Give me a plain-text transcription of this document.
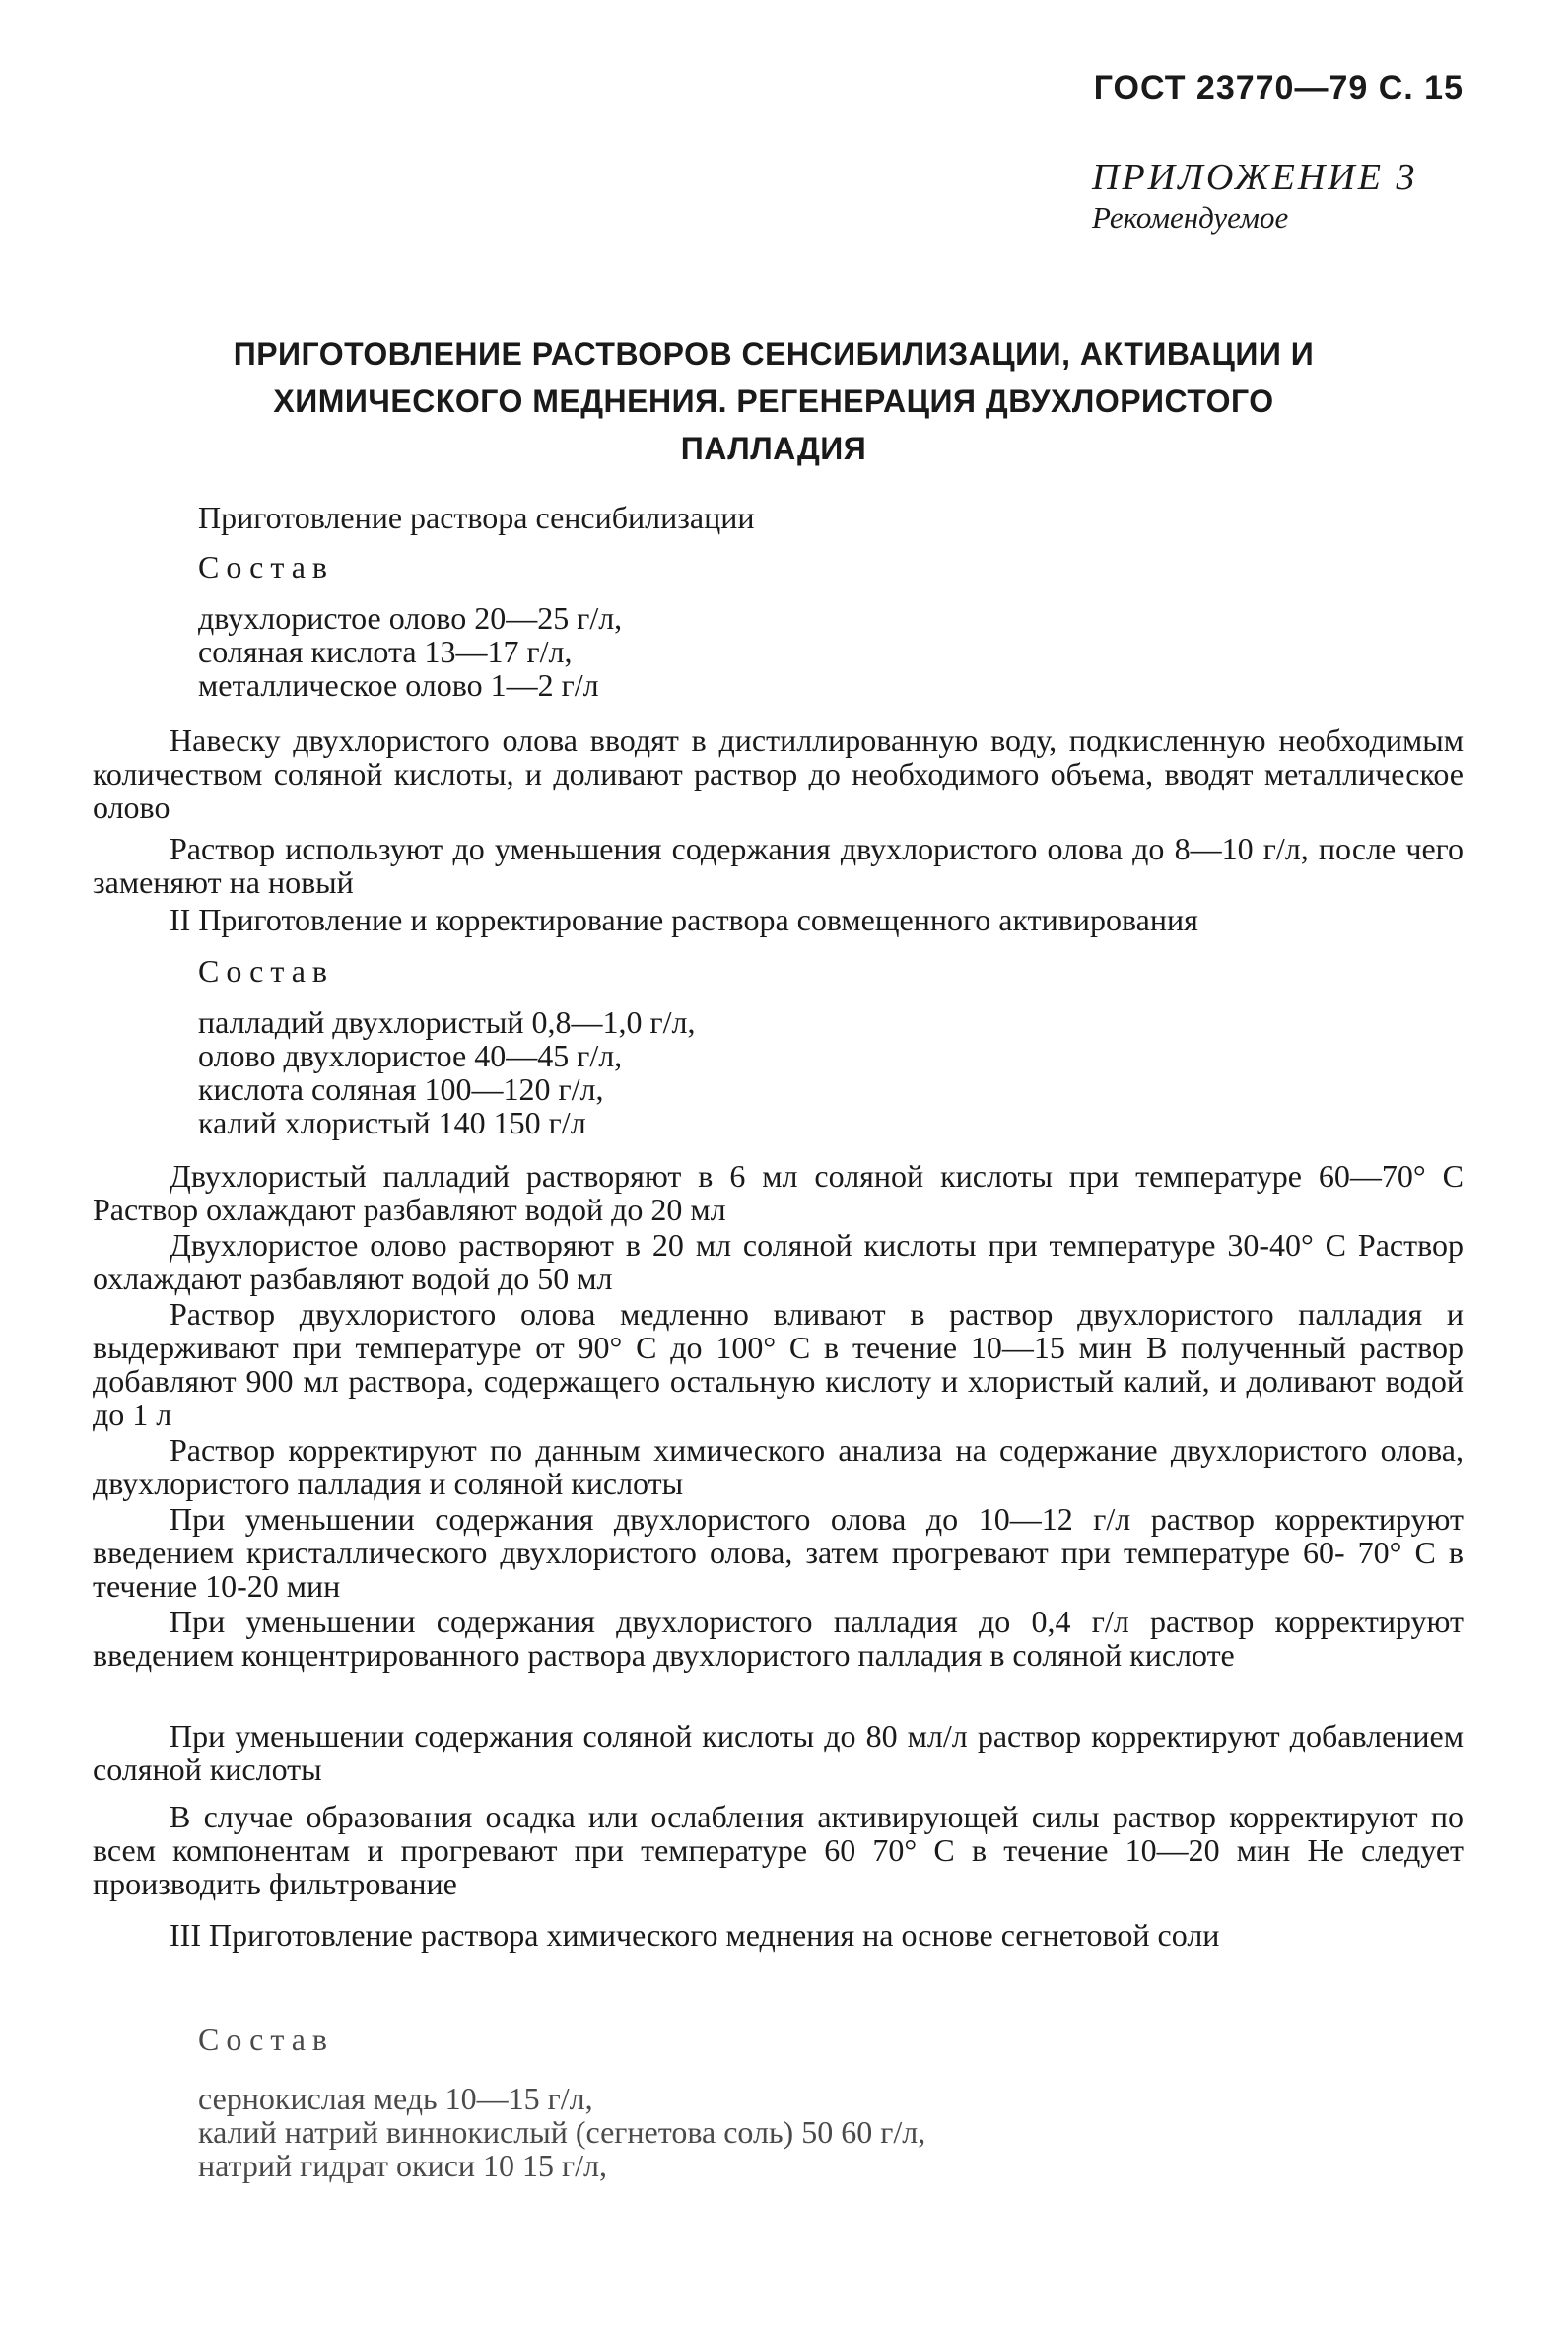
ГОСТ 23770—79 С. 15
ПРИЛОЖЕНИЕ 3
Рекомендуемое
ПРИГОТОВЛЕНИЕ РАСТВОРОВ СЕНСИБИЛИЗАЦИИ, АКТИВАЦИИ И ХИМИЧЕСКОГО МЕДНЕНИЯ. РЕГЕНЕРАЦИЯ ДВУХЛОРИСТОГО ПАЛЛАДИЯ
Приготовление раствора сенсибилизации
Состав
двухлористое олово 20—25 г/л,
соляная кислота 13—17 г/л,
металлическое олово 1—2 г/л
Навеску двухлористого олова вводят в дистиллированную воду, подкисленную необходимым количеством соляной кислоты, и доливают раствор до необходимого объема, вводят металлическое олово
Раствор используют до уменьшения содержания двухлористого олова до 8—10 г/л, после чего заменяют на новый
II Приготовление и корректирование раствора совмещенного активирования
Состав
палладий двухлористый 0,8—1,0 г/л,
олово двухлористое 40—45 г/л,
кислота соляная 100—120 г/л,
калий хлористый 140 150 г/л
Двухлористый палладий растворяют в 6 мл соляной кислоты при температуре 60—70° С Раствор охлаждают разбавляют водой до 20 мл
Двухлористое олово растворяют в 20 мл соляной кислоты при температуре 30-40° С Раствор охлаждают разбавляют водой до 50 мл
Раствор двухлористого олова медленно вливают в раствор двухлористого палладия и выдерживают при температуре от 90° С до 100° С в течение 10—15 мин В полученный раствор добавляют 900 мл раствора, содержащего остальную кислоту и хлористый калий, и доливают водой до 1 л
Раствор корректируют по данным химического анализа на содержание двухлористого олова, двухлористого палладия и соляной кислоты
При уменьшении содержания двухлористого олова до 10—12 г/л раствор корректируют введением кристаллического двухлористого олова, затем прогревают при температуре 60- 70° С в течение 10-20 мин
При уменьшении содержания двухлористого палладия до 0,4 г/л раствор корректируют введением концентрированного раствора двухлористого палладия в соляной кислоте
При уменьшении содержания соляной кислоты до 80 мл/л раствор корректируют добавлением соляной кислоты
В случае образования осадка или ослабления активирующей силы раствор корректируют по всем компонентам и прогревают при температуре 60 70° С в течение 10—20 мин Не следует производить фильтрование
III Приготовление раствора химического меднения на основе сегнетовой соли
Состав
сернокислая медь 10—15 г/л,
калий натрий виннокислый (сегнетова соль) 50 60 г/л,
натрий гидрат окиси 10 15 г/л,
